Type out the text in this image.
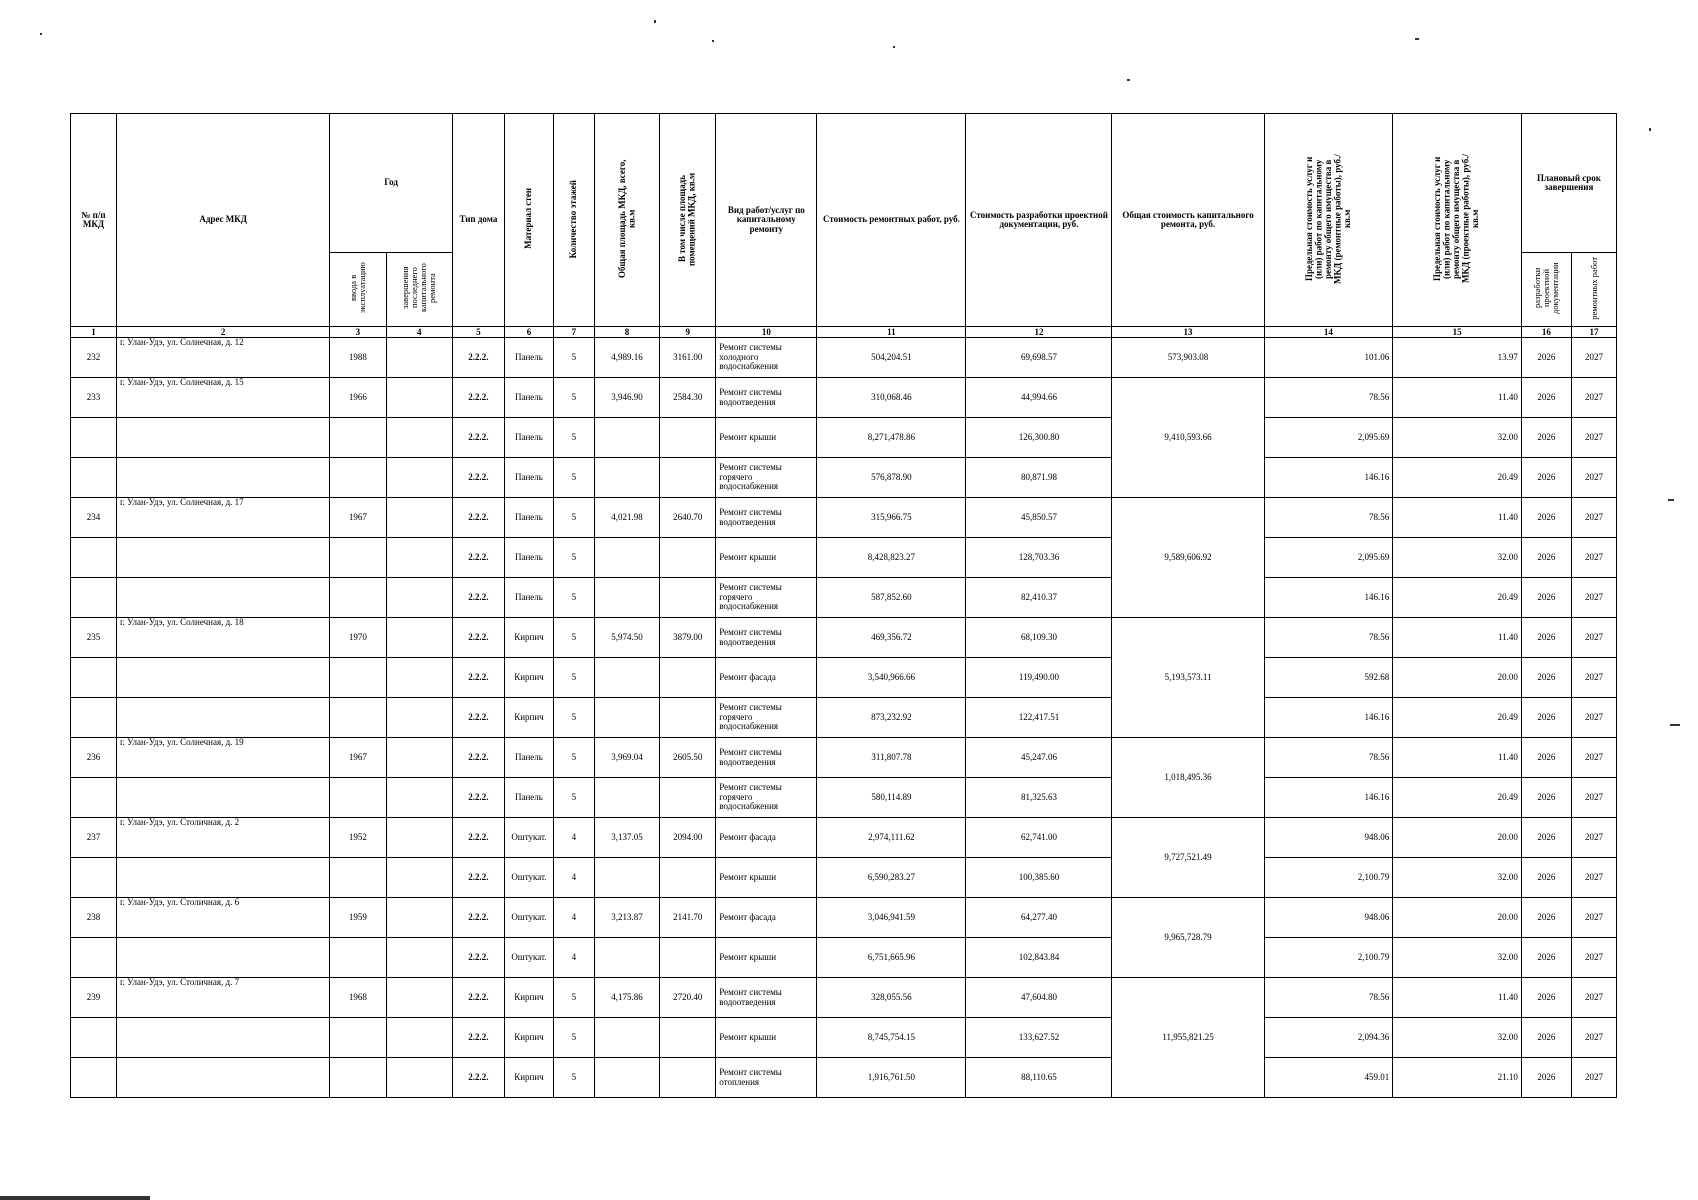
№ п/п МКД	Адрес МКД	Год		Тип дома	Материал стен	Количество этажей	Общая площадь МКД, всего, кв.м	В том числе площадь помещений МКД, кв.м	Вид работ/услуг по капитальному ремонту	Стоимость ремонтных работ, руб.	Стоимость разработки проектной документации, руб.	Общая стоимость капитального ремонта, руб.	Предельная стоимость услуг и (или) работ по капитальному ремонту общего имущества в МКД (ремонтные работы), руб./кв.м	Предельная стоимость услуг и (или) работ по капитальному ремонту общего имущества в МКД (проектные работы), руб./кв.м	Плановый срок завершения	
		ввода в эксплуатацию	завершения последнего капитального ремонта												разработки проектной документации	ремонтных работ
1	2	3	4	5	6	7	8	9	10	11	12	13	14	15	16	17
232	г. Улан-Удэ, ул. Солнечная, д. 12	1988		2.2.2.	Панель	5	4,989.16	3161.00	Ремонт системы холодного водоснабжения	504,204.51	69,698.57	573,903.08	101.06	13.97	2026	2027
233	г. Улан-Удэ, ул. Солнечная, д. 15	1966		2.2.2.	Панель	5	3,946.90	2584.30	Ремонт системы водоотведения	310,068.46	44,994.66	9,410,593.66	78.56	11.40	2026	2027
				2.2.2.	Панель	5			Ремонт крыши	8,271,478.86	126,300.80		2,095.69	32.00	2026	2027
				2.2.2.	Панель	5			Ремонт системы горячего водоснабжения	576,878.90	80,871.98		146.16	20.49	2026	2027
234	г. Улан-Удэ, ул. Солнечная, д. 17	1967		2.2.2.	Панель	5	4,021.98	2640.70	Ремонт системы водоотведения	315,966.75	45,850.57	9,589,606.92	78.56	11.40	2026	2027
				2.2.2.	Панель	5			Ремонт крыши	8,428,823.27	128,703.36		2,095.69	32.00	2026	2027
				2.2.2.	Панель	5			Ремонт системы горячего водоснабжения	587,852.60	82,410.37		146.16	20.49	2026	2027
235	г. Улан-Удэ, ул. Солнечная, д. 18	1970		2.2.2.	Кирпич	5	5,974.50	3879.00	Ремонт системы водоотведения	469,356.72	68,109.30	5,193,573.11	78.56	11.40	2026	2027
				2.2.2.	Кирпич	5			Ремонт фасада	3,540,966.66	119,490.00		592.68	20.00	2026	2027
				2.2.2.	Кирпич	5			Ремонт системы горячего водоснабжения	873,232.92	122,417.51		146.16	20.49	2026	2027
236	г. Улан-Удэ, ул. Солнечная, д. 19	1967		2.2.2.	Панель	5	3,969.04	2605.50	Ремонт системы водоотведения	311,807.78	45,247.06	1,018,495.36	78.56	11.40	2026	2027
				2.2.2.	Панель	5			Ремонт системы горячего водоснабжения	580,114.89	81,325.63		146.16	20.49	2026	2027
237	г. Улан-Удэ, ул. Столичная, д. 2	1952		2.2.2.	Оштукат.	4	3,137.05	2094.00	Ремонт фасада	2,974,111.62	62,741.00	9,727,521.49	948.06	20.00	2026	2027
				2.2.2.	Оштукат.	4			Ремонт крыши	6,590,283.27	100,385.60		2,100.79	32.00	2026	2027
238	г. Улан-Удэ, ул. Столичная, д. 6	1959		2.2.2.	Оштукат.	4	3,213.87	2141.70	Ремонт фасада	3,046,941.59	64,277.40	9,965,728.79	948.06	20.00	2026	2027
				2.2.2.	Оштукат.	4			Ремонт крыши	6,751,665.96	102,843.84		2,100.79	32.00	2026	2027
239	г. Улан-Удэ, ул. Столичная, д. 7	1968		2.2.2.	Кирпич	5	4,175.86	2720.40	Ремонт системы водоотведения	328,055.56	47,604.80	11,955,821.25	78.56	11.40	2026	2027
				2.2.2.	Кирпич	5			Ремонт крыши	8,745,754.15	133,627.52		2,094.36	32.00	2026	2027
				2.2.2.	Кирпич	5			Ремонт системы отопления	1,916,761.50	88,110.65		459.01	21.10	2026	2027
